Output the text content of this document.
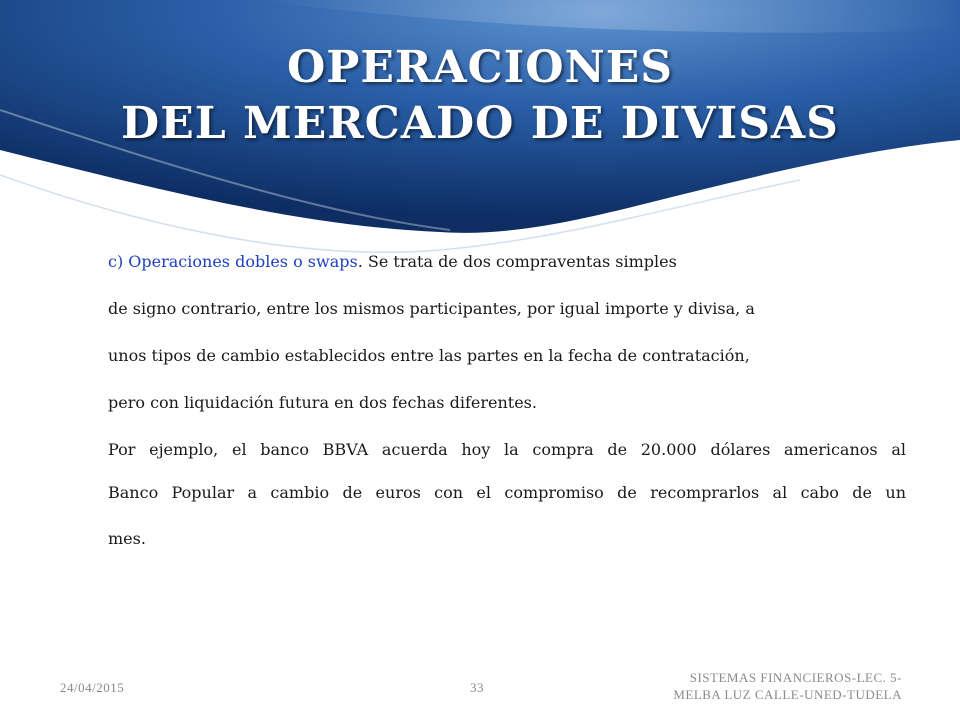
OPERACIONES
DEL MERCADO DE DIVISAS
c) Operaciones dobles o swaps. Se trata de dos compraventas simples
de signo contrario, entre los mismos participantes, por igual importe y divisa, a
unos tipos de cambio establecidos entre las partes en la fecha de contratación,
pero con liquidación futura en dos fechas diferentes.
Por ejemplo, el banco BBVA acuerda hoy la compra de 20.000 dólares americanos al
Banco Popular a cambio de euros con el compromiso de recomprarlos al cabo de un
mes.
24/04/2015	33
SISTEMAS FINANCIEROS-LEC. 5-
MELBA LUZ CALLE-UNED-TUDELA
